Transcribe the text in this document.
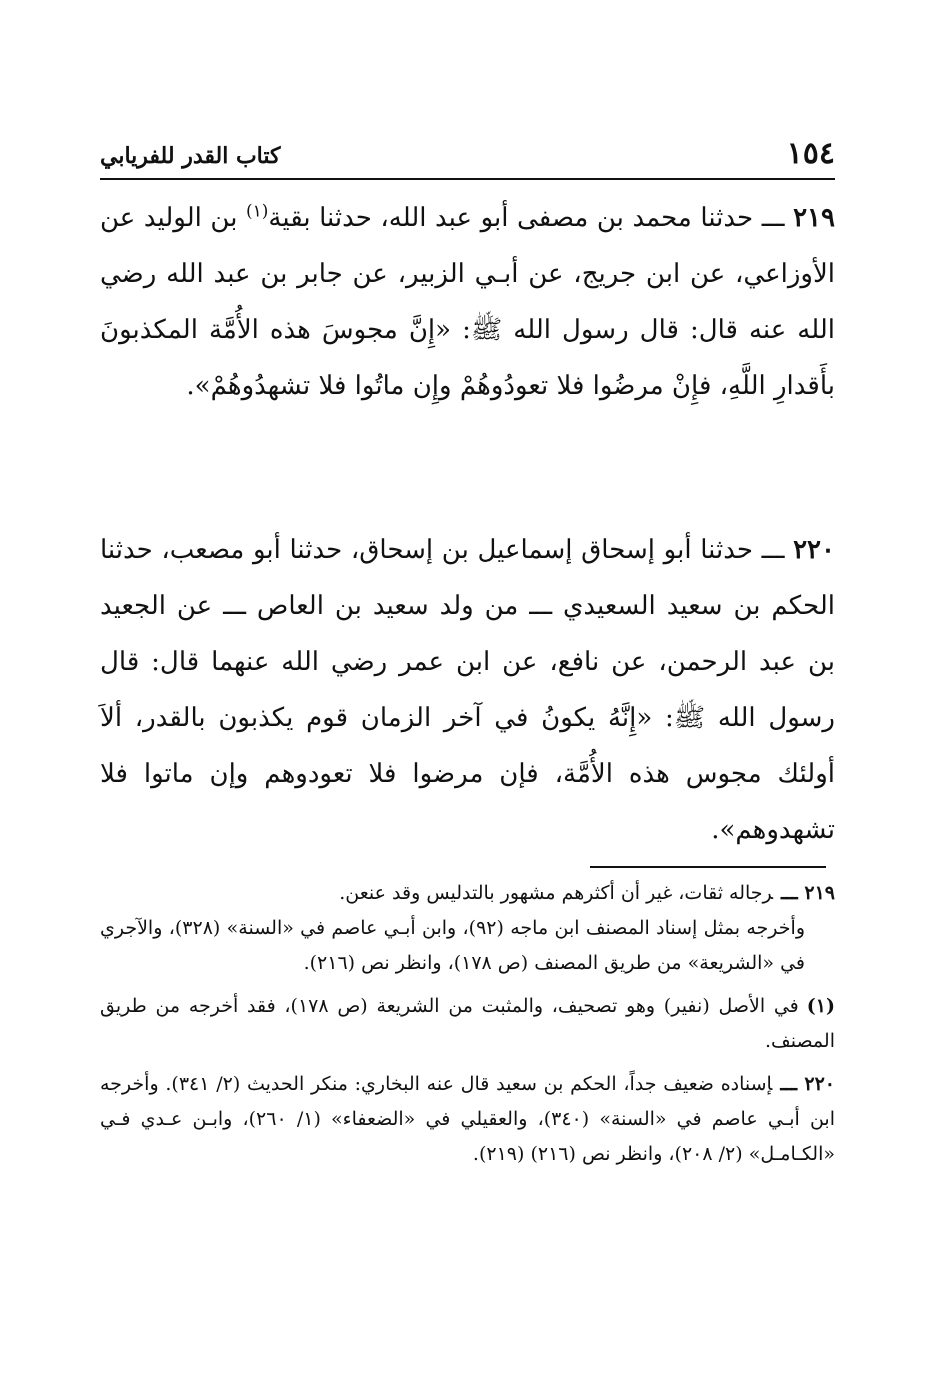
١٥٤
كتاب القدر للفريابي
٢١٩ ـــ حدثنا محمد بن مصفى أبو عبد الله، حدثنا بقية$^{(١)}$ بن الوليد عن الأوزاعي، عن ابن جريج، عن أبـي الزبير، عن جابر بن عبد الله رضي الله عنه قال: قال رسول الله ﷺ: «إِنَّ مجوسَ هذه الأُمَّة المكذبونَ بأَقدارِ اللَّهِ، فإِنْ مرضُوا فلا تعودُوهُمْ وإِن ماتُوا فلا تشهدُوهُمْ».
٢٢٠ ـــ حدثنا أبو إسحاق إسماعيل بن إسحاق، حدثنا أبو مصعب، حدثنا الحكم بن سعيد السعيدي ـــ من ولد سعيد بن العاص ـــ عن الجعيد بن عبد الرحمن، عن نافع، عن ابن عمر رضي الله عنهما قال: قال رسول الله ﷺ: «إِنَّهُ يكونُ في آخر الزمان قوم يكذبون بالقدر، ألاَ أولئك مجوس هذه الأُمَّة، فإن مرضوا فلا تعودوهم وإن ماتوا فلا تشهدوهم».

٢١٩ ـــرجاله ثقات، غير أن أكثرهم مشهور بالتدليس وقد عنعن.

وأخرجه بمثل إسناد المصنف ابن ماجه (٩٢)، وابن أبـي عاصم في «السنة» (٣٢٨)، والآجري في «الشريعة» من طريق المصنف (ص ١٧٨)، وانظر نص (٢١٦).

(١)في الأصل (نفير) وهو تصحيف، والمثبت من الشريعة (ص ١٧٨)، فقد أخرجه من طريق المصنف.

٢٢٠ ـــإسناده ضعيف جداً، الحكم بن سعيد قال عنه البخاري: منكر الحديث (٢/ ٣٤١). وأخرجه ابن أبـي عاصم في «السنة» (٣٤٠)، والعقيلي في «الضعفاء» (١/ ٢٦٠)، وابـن عـدي فـي «الكـامـل» (٢/ ٢٠٨)، وانظر نص (٢١٦) (٢١٩).
